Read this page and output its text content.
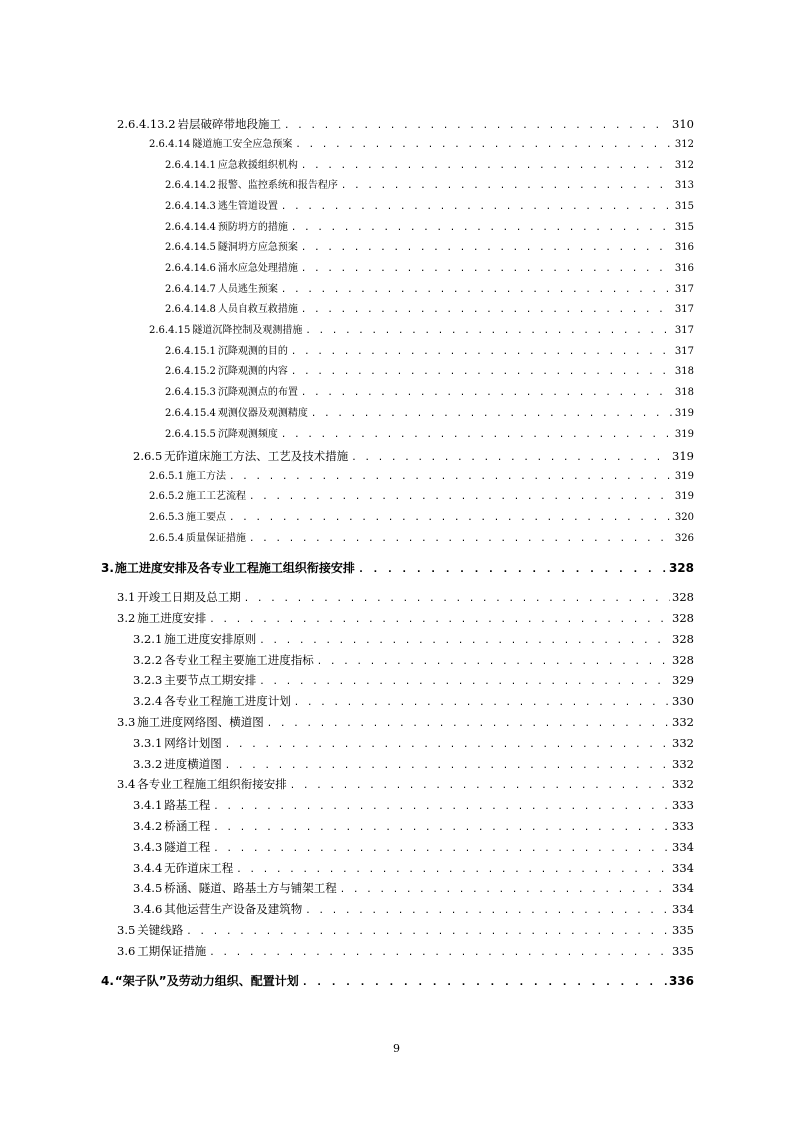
2.6.4.13.2 岩层破碎带地段施工 . . .	310
2.6.4.14 隧道施工安全应急预案 . . .	312
2.6.4.14.1 应急救援组织机构 . . .	312
2.6.4.14.2 报警、监控系统和报告程序 . . .	313
2.6.4.14.3 逃生管道设置 . . .	315
2.6.4.14.4 预防坍方的措施 . . .	315
2.6.4.14.5 隧洞坍方应急预案 . . .	316
2.6.4.14.6 涌水应急处理措施 . . .	316
2.6.4.14.7 人员逃生预案 . . .	317
2.6.4.14.8 人员自救互救措施 . . .	317
2.6.4.15 隧道沉降控制及观测措施 . . .	317
2.6.4.15.1 沉降观测的目的 . . .	317
2.6.4.15.2 沉降观测的内容 . . .	318
2.6.4.15.3 沉降观测点的布置 . . .	318
2.6.4.15.4 观测仪器及观测精度 . . .	319
2.6.4.15.5 沉降观测频度 . . .	319
2.6.5 无砟道床施工方法、工艺及技术措施 . . .	319
2.6.5.1 施工方法 . . .	319
2.6.5.2 施工工艺流程 . . .	319
2.6.5.3 施工要点 . . .	320
2.6.5.4 质量保证措施 . . .	326
3. 施工进度安排及各专业工程施工组织衔接安排 . . .	328
3.1 开竣工日期及总工期 . . .	328
3.2 施工进度安排 . . .	328
3.2.1 施工进度安排原则 . . .	328
3.2.2 各专业工程主要施工进度指标 . . .	328
3.2.3 主要节点工期安排 . . .	329
3.2.4 各专业工程施工进度计划 . . .	330
3.3 施工进度网络图、横道图 . . .	332
3.3.1 网络计划图 . . .	332
3.3.2 进度横道图 . . .	332
3.4 各专业工程施工组织衔接安排 . . .	332
3.4.1 路基工程 . . .	333
3.4.2 桥涵工程 . . .	333
3.4.3 隧道工程 . . .	334
3.4.4 无砟道床工程 . . .	334
3.4.5 桥涵、隧道、路基土方与铺架工程 . . .	334
3.4.6 其他运营生产设备及建筑物 . . .	334
3.5 关键线路 . . .	335
3.6 工期保证措施 . . .	335
4. “架子队”及劳动力组织、配置计划 . . .	336
9
